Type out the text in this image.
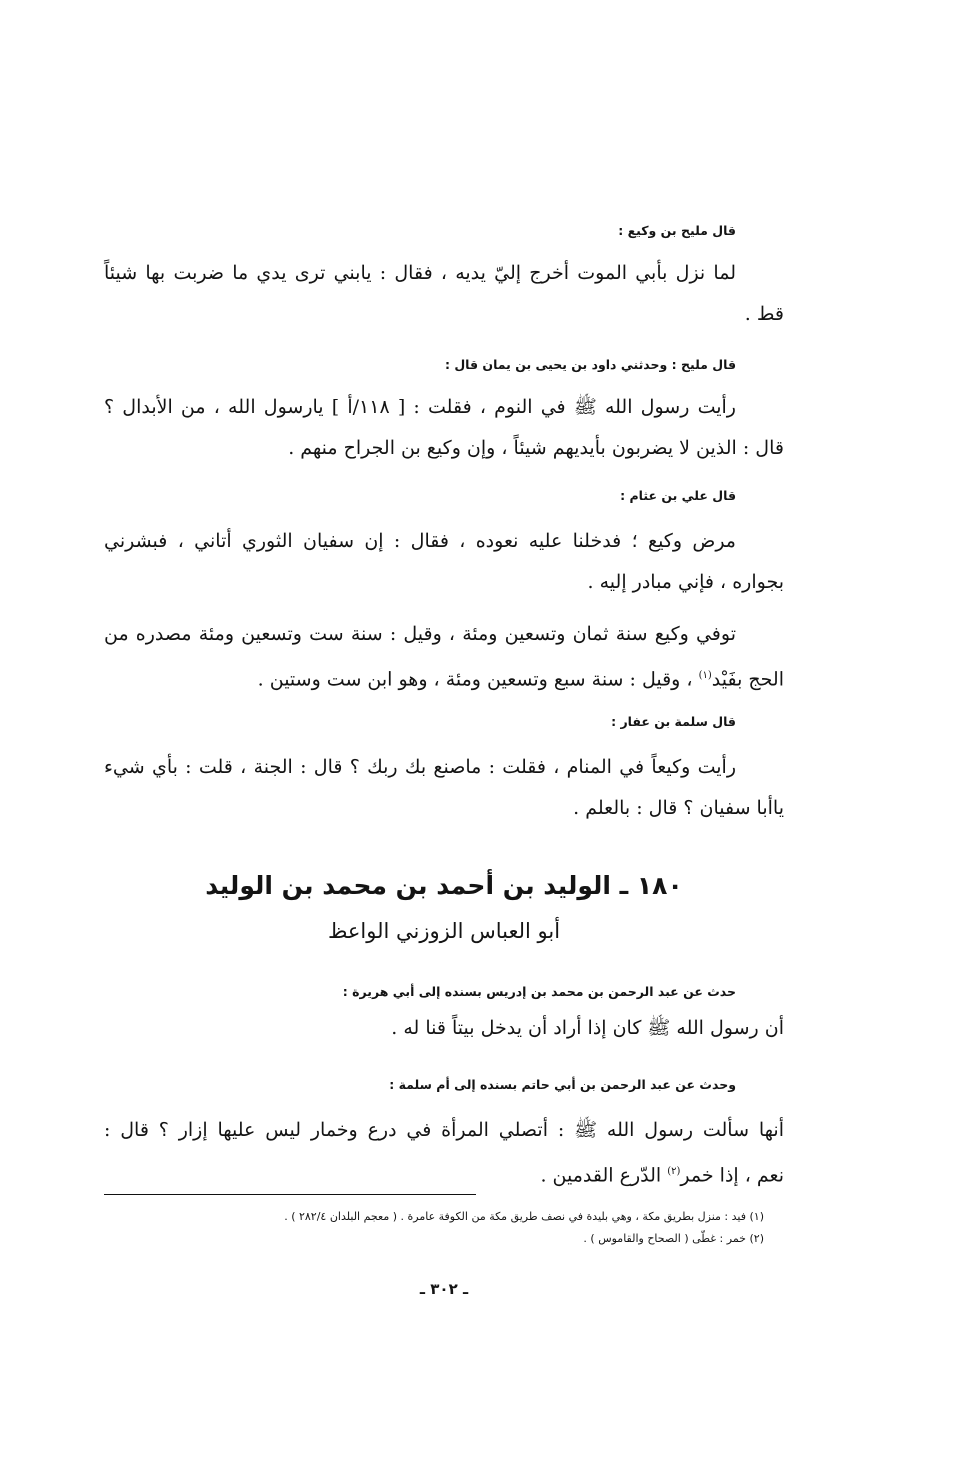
قال مليح بن وكيع :

لما نزل بأبي الموت أخرج إليّ يديه ، فقال : يابني ترى يدي ما ضربت بها شيئاً
قط .

قال مليح : وحدثني داود بن يحيى بن يمان قال :

رأيت رسول الله ﷺ في النوم ، فقلت : [ ١١٨/أ ] يارسول الله ، من الأبدال ؟
قال : الذين لا يضربون بأيديهم شيئاً ، وإن وكيع بن الجراح منهم .

قال علي بن عثام :

مرض وكيع ؛ فدخلنا عليه نعوده ، فقال : إن سفيان الثوري أتاني ، فبشرني
بجواره ، فإني مبادر إليه .
توفي وكيع سنة ثمان وتسعين ومئة ، وقيل : سنة ست وتسعين ومئة مصدره من
الحج بفَيْد$^{(١)}$ ، وقيل : سنة سبع وتسعين ومئة ، وهو ابن ست وستين .

قال سلمة بن عفار :

رأيت وكيعاً في المنام ، فقلت : ماصنع بك ربك ؟ قال : الجنة ، قلت : بأي شيء
ياأبا سفيان ؟ قال : بالعلم .

١٨٠ ـ الوليد بن أحمد بن محمد بن الوليد

أبو العباس الزوزني الواعظ

حدث عن عبد الرحمن بن محمد بن إدريس بسنده إلى أبي هريرة :

أن رسول الله ﷺ كان إذا أراد أن يدخل بيتاً قنا له .

وحدث عن عبد الرحمن بن أبي حاتم بسنده إلى أم سلمة :

أنها سألت رسول الله ﷺ : أتصلي المرأة في درع وخمار ليس عليها إزار ؟ قال :
نعم ، إذا خمر$^{(٢)}$ الدّرع القدمين .

(١) فيد : منزل بطريق مكة ، وهي بليدة في نصف طريق مكة من الكوفة عامرة . ( معجم البلدان ٢٨٢/٤ ) .

(٢) خمر : غطّى ( الصحاح والقاموس ) .

ـ ٣٠٢ ـ
